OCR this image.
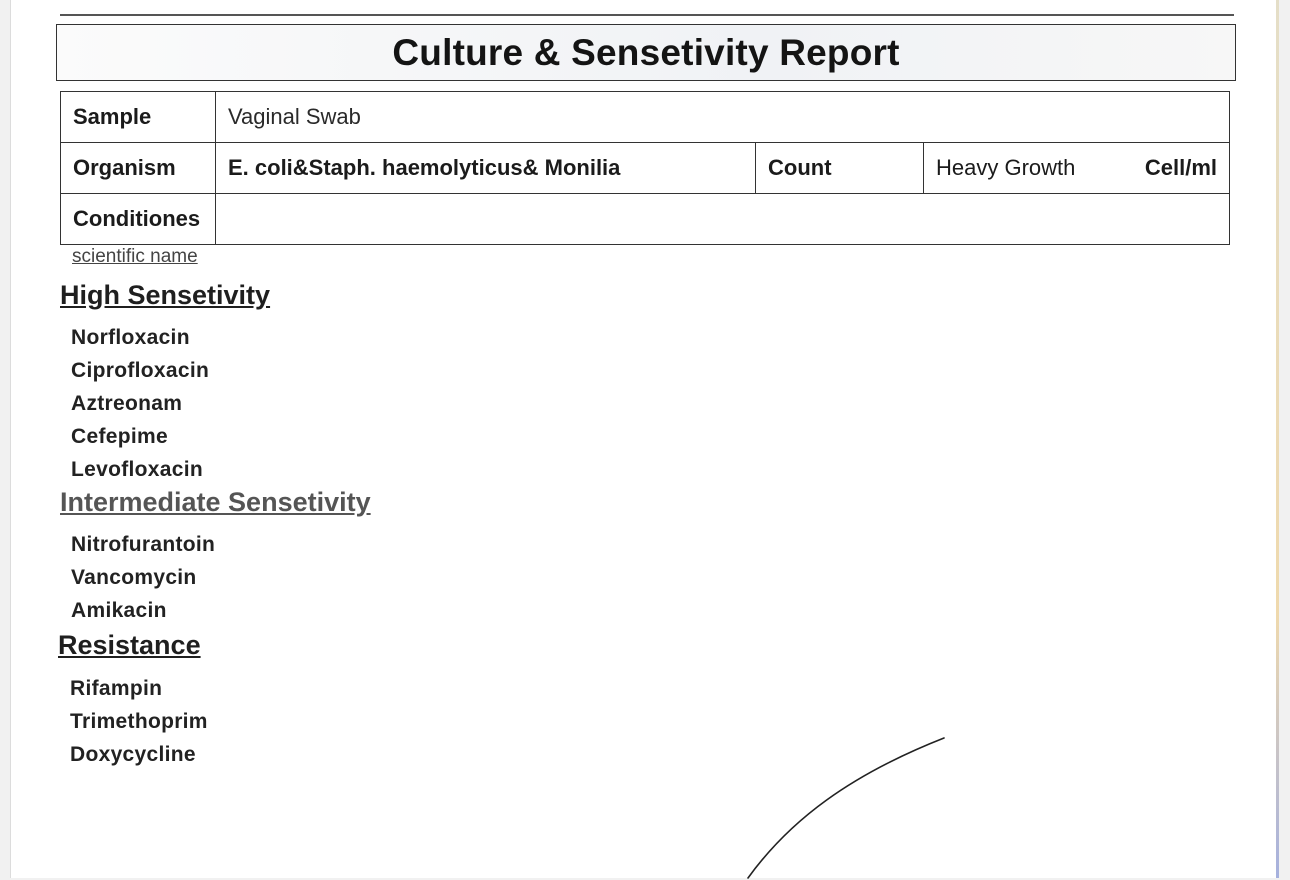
Culture & Sensetivity Report
Sample	Vaginal Swab		
Organism	E. coli&Staph. haemolyticus& Monilia	Count	Heavy Growth Cell/ml

Conditiones			
scientific name
High Sensetivity
Norfloxacin
Ciprofloxacin
Aztreonam
Cefepime
Levofloxacin
Intermediate Sensetivity
Nitrofurantoin
Vancomycin
Amikacin
Resistance
Rifampin
Trimethoprim
Doxycycline
